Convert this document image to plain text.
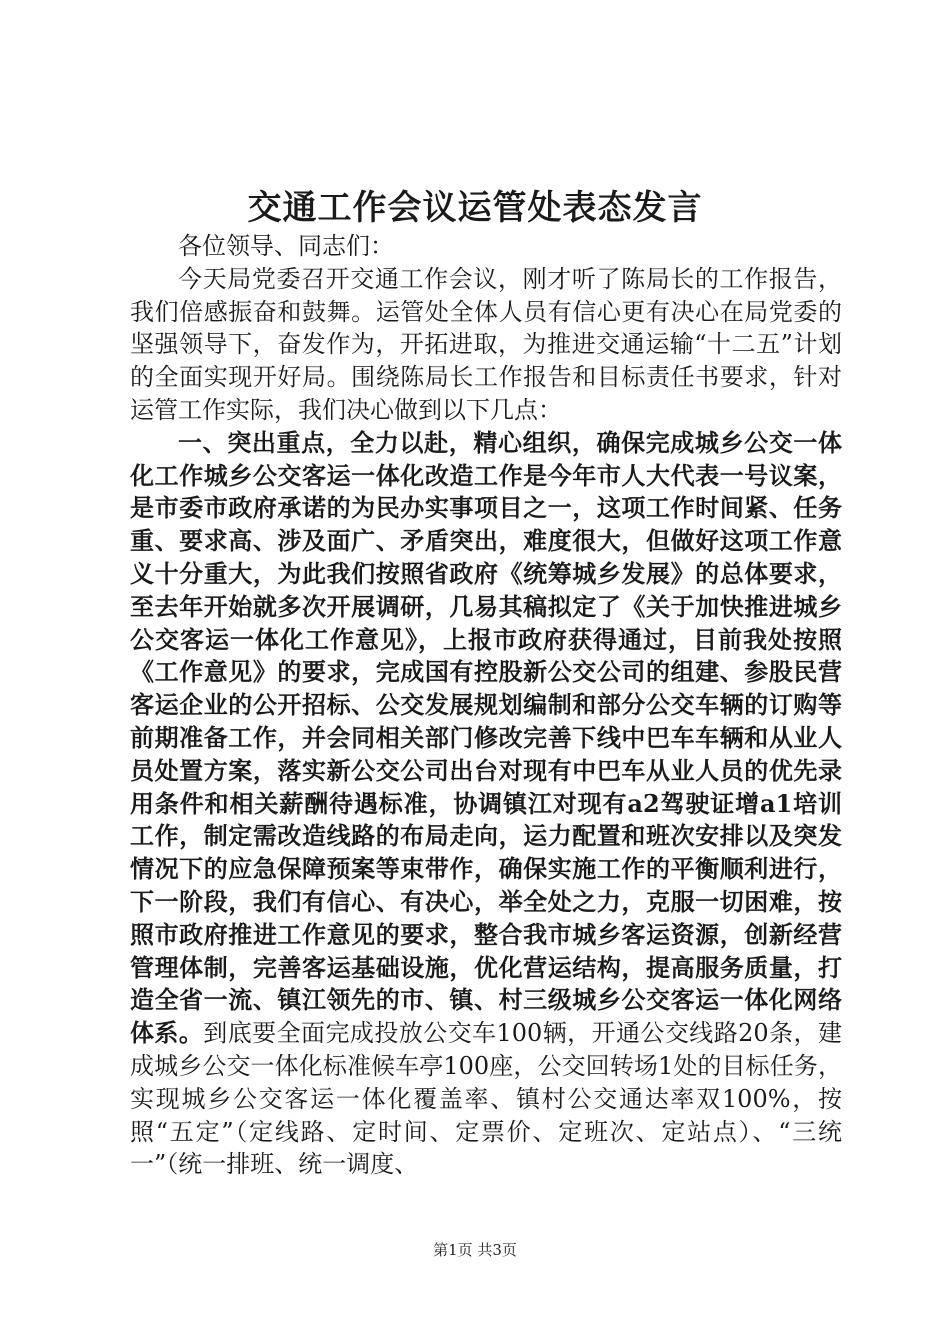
交通工作会议运管处表态发言

各位领导、同志们：

今天局党委召开交通工作会议，刚才听了陈局长的工作报告，我们倍感振奋和鼓舞。运管处全体人员有信心更有决心在局党委的坚强领导下，奋发作为，开拓进取，为推进交通运输“十二五”计划的全面实现开好局。围绕陈局长工作报告和目标责任书要求，针对运管工作实际，我们决心做到以下几点：

一、突出重点，全力以赴，精心组织，确保完成城乡公交一体化工作城乡公交客运一体化改造工作是今年市人大代表一号议案，是市委市政府承诺的为民办实事项目之一，这项工作时间紧、任务重、要求高、涉及面广、矛盾突出，难度很大，但做好这项工作意义十分重大，为此我们按照省政府《统筹城乡发展》的总体要求，至去年开始就多次开展调研，几易其稿拟定了《关于加快推进城乡公交客运一体化工作意见》，上报市政府获得通过，目前我处按照《工作意见》的要求，完成国有控股新公交公司的组建、参股民营客运企业的公开招标、公交发展规划编制和部分公交车辆的订购等前期准备工作，并会同相关部门修改完善下线中巴车车辆和从业人员处置方案，落实新公交公司出台对现有中巴车从业人员的优先录用条件和相关薪酬待遇标准，协调镇江对现有a2驾驶证增a1培训工作，制定需改造线路的布局走向，运力配置和班次安排以及突发情况下的应急保障预案等束带作，确保实施工作的平衡顺利进行，下一阶段，我们有信心、有决心，举全处之力，克服一切困难，按照市政府推进工作意见的要求，整合我市城乡客运资源，创新经营管理体制，完善客运基础设施，优化营运结构，提高服务质量，打造全省一流、镇江领先的市、镇、村三级城乡公交客运一体化网络体系。到底要全面完成投放公交车100辆，开通公交线路20条，建成城乡公交一体化标准候车亭100座，公交回转场1处的目标任务，实现城乡公交客运一体化覆盖率、镇村公交通达率双100%，按照“五定”（定线路、定时间、定票价、定班次、定站点）、“三统一”（统一排班、统一调度、

第1页 共3页
